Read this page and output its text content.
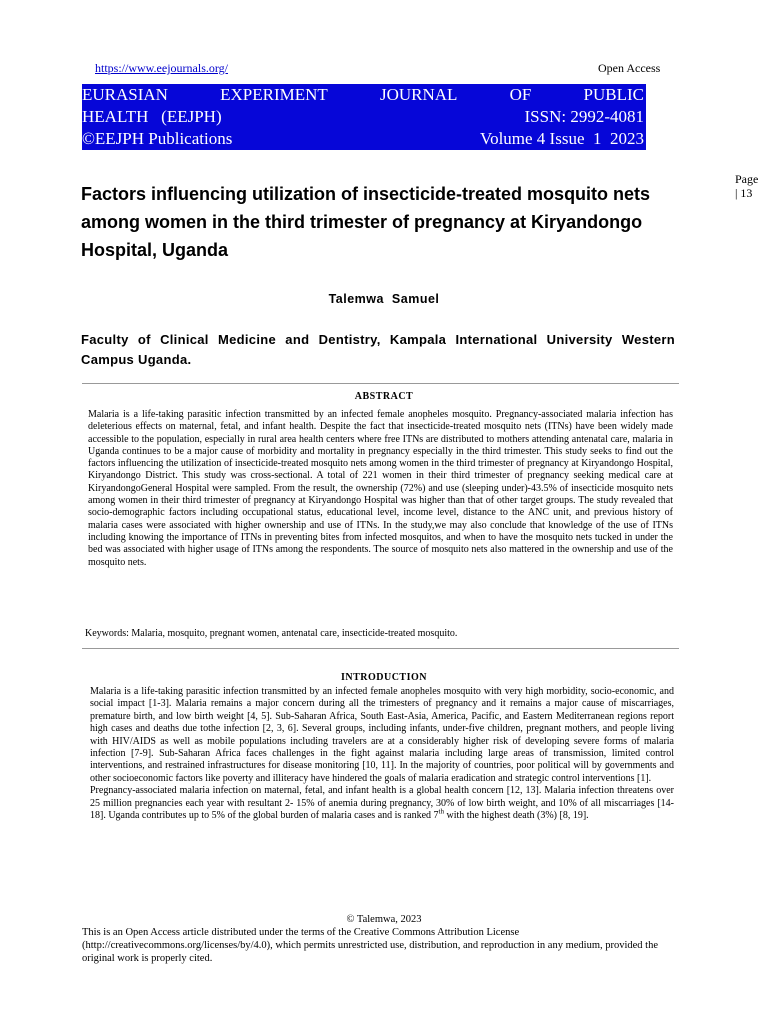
https://www.eejournals.org/	Open Access
EURASIAN	EXPERIMENT	JOURNAL	OF	PUBLIC
HEALTH   (EEJPH)	ISSN: 2992-4081
©EEJPH Publications	Volume 4 Issue  1  2023
Page
| 13
Factors influencing utilization of insecticide-treated mosquito nets among women in the third trimester of pregnancy at Kiryandongo Hospital, Uganda
Talemwa  Samuel
Faculty of Clinical Medicine and Dentistry, Kampala International University Western Campus Uganda.
ABSTRACT
Malaria is a life-taking parasitic infection transmitted by an infected female anopheles mosquito. Pregnancy-associated malaria infection has deleterious effects on maternal, fetal, and infant health. Despite the fact that insecticide-treated mosquito nets (ITNs) have been widely made accessible to the population, especially in rural area health centers where free ITNs are distributed to mothers attending antenatal care, malaria in Uganda continues to be a major cause of morbidity and mortality in pregnancy especially in the third trimester. This study seeks to find out the factors influencing the utilization of insecticide-treated mosquito nets among women in the third trimester of pregnancy at Kiryandongo Hospital, Kiryandongo District. This study was cross-sectional. A total of 221 women in their third trimester of pregnancy seeking medical care at KiryandongoGeneral Hospital were sampled. From the result, the ownership (72%) and use (sleeping under)-43.5% of insecticide mosquito nets among women in their third trimester of pregnancy at Kiryandongo Hospital was higher than that of other target groups. The study revealed that socio-demographic factors including occupational status, educational level, income level, distance to the ANC unit, and previous history of malaria cases were associated with higher ownership and use of ITNs. In the study,we may also conclude that knowledge of the use of ITNs including knowing the importance of ITNs in preventing bites from infected mosquitos, and when to have the mosquito nets tucked in under the bed was associated with higher usage of ITNs among the respondents. The source of mosquito nets also mattered in the ownership and use of the mosquito nets.
Keywords: Malaria, mosquito, pregnant women, antenatal care, insecticide-treated mosquito.
INTRODUCTION

Malaria is a life-taking parasitic infection transmitted by an infected female anopheles mosquito with very high morbidity, socio-economic, and social impact [1-3]. Malaria remains a major concern during all the trimesters of pregnancy and it remains a major cause of miscarriages, premature birth, and low birth weight [4, 5]. Sub-Saharan Africa, South East-Asia, America, Pacific, and Eastern Mediterranean regions report high cases and deaths due tothe infection [2, 3, 6]. Several groups, including infants, under-five children, pregnant mothers, and people living with HIV/AIDS as well as mobile populations including travelers are at a considerably higher risk of developing severe forms of malaria infection [7-9]. Sub-Saharan Africa faces challenges in the fight against malaria including large areas of transmission, limited control interventions, and restrained infrastructures for disease monitoring [10, 11]. In the majority of countries, poor political will by governments and other socioeconomic factors like poverty and illiteracy have hindered the goals of malaria eradication and strategic control interventions [1].

Pregnancy-associated malaria infection on maternal, fetal, and infant health is a global health concern [12, 13]. Malaria infection threatens over 25 million pregnancies each year with resultant 2- 15% of anemia during pregnancy, 30% of low birth weight, and 10% of all miscarriages [14-18]. Uganda contributes up to 5% of the global burden of malaria cases and is ranked 7th with the highest death (3%) [8, 19].

© Talemwa, 2023
This is an Open Access article distributed under the terms of the Creative Commons Attribution License (http://creativecommons.org/licenses/by/4.0), which permits unrestricted use, distribution, and reproduction in any medium, provided the original work is properly cited.
